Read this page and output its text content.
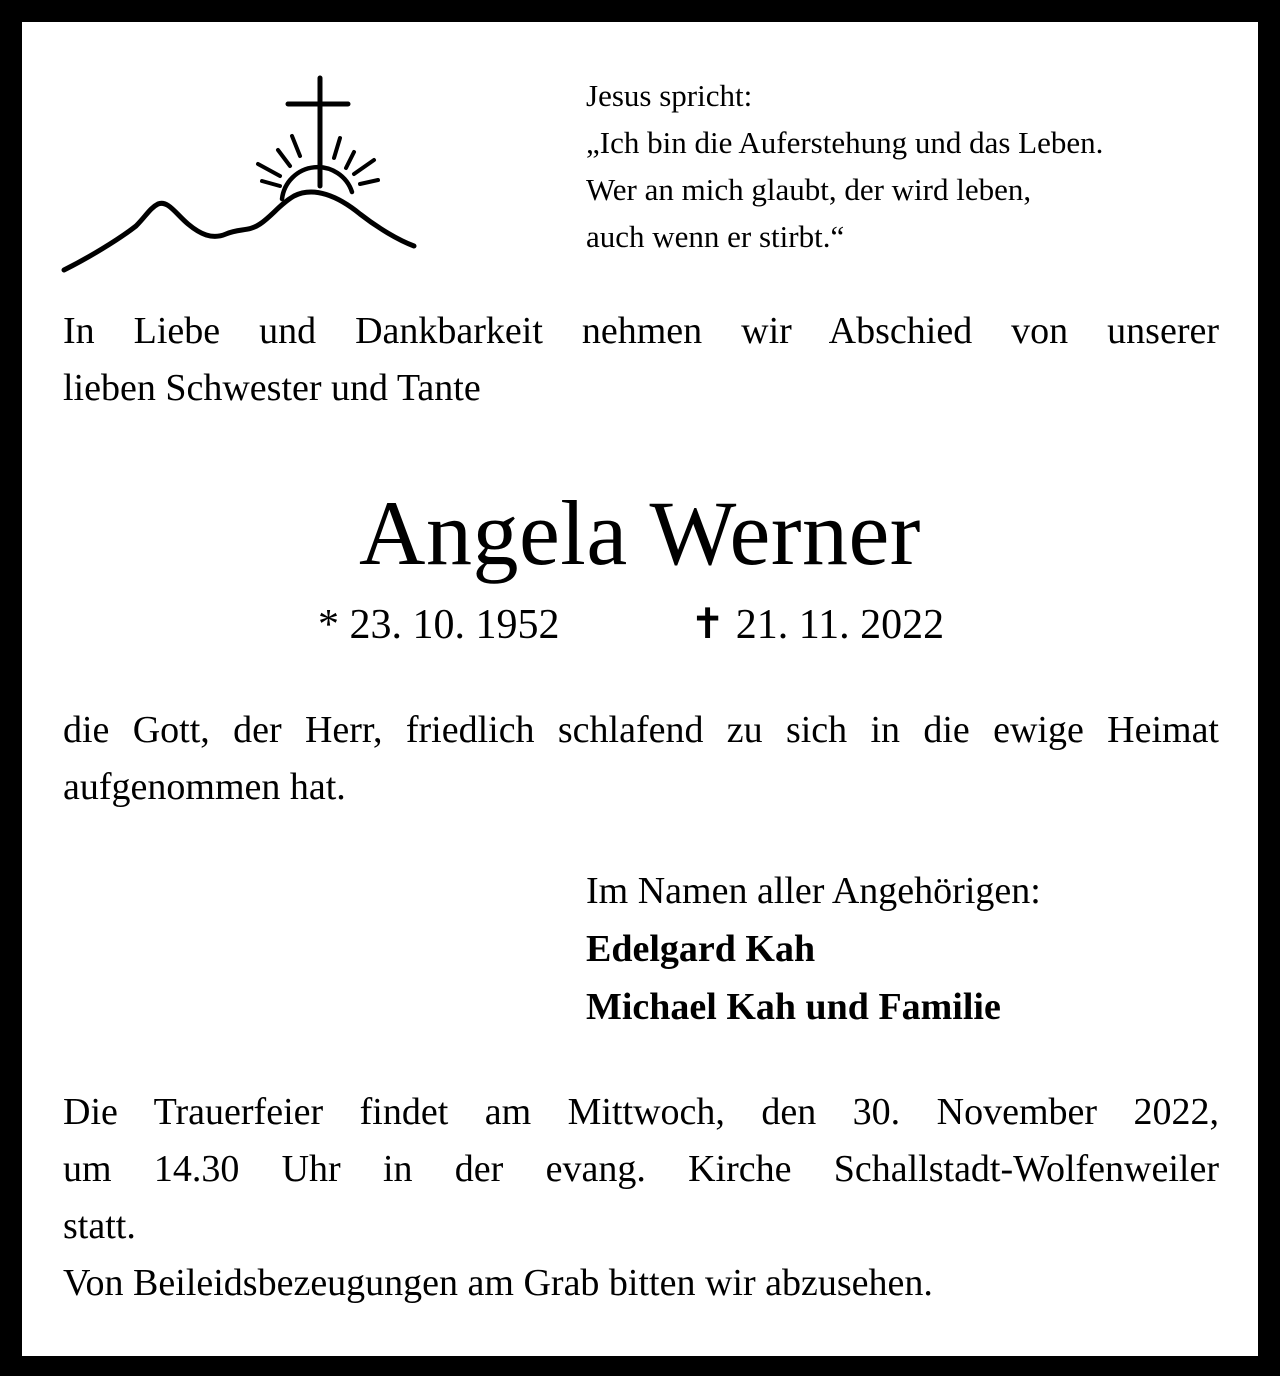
Jesus spricht:
„Ich bin die Auferstehung und das Leben.
Wer an mich glaubt, der wird leben,
auch wenn er stirbt.“
In Liebe und Dankbarkeit nehmen wir Abschied von unserer
lieben Schwester und Tante
Angela Werner
* 23. 10. 1952	✝ 21. 11. 2022
die Gott, der Herr, friedlich schlafend zu sich in die ewige Heimat
aufgenommen hat.
Im Namen aller Angehörigen:
Edelgard Kah
Michael Kah und Familie
Die Trauerfeier findet am Mittwoch, den 30. November 2022,
um 14.30 Uhr in der evang. Kirche Schallstadt-Wolfenweiler
statt.
Von Beileidsbezeugungen am Grab bitten wir abzusehen.
